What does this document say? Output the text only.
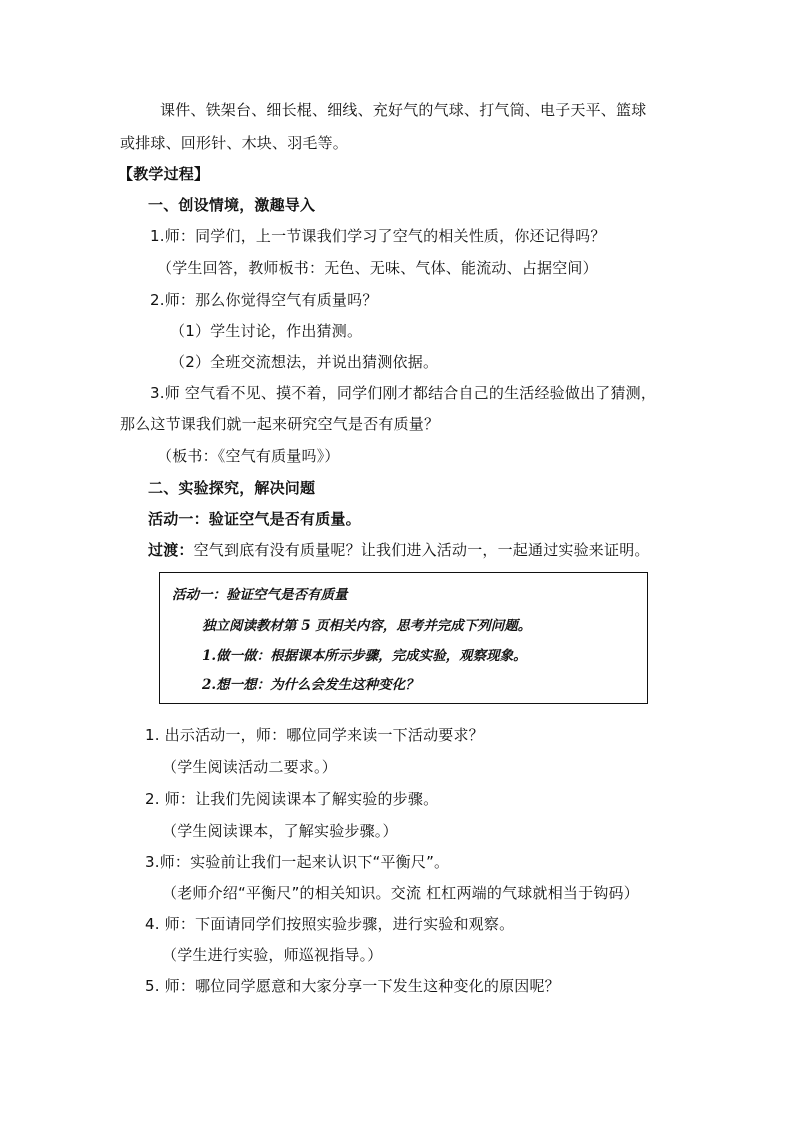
课件、铁架台、细长棍、细线、充好气的气球、打气筒、电子天平、篮球
或排球、回形针、木块、羽毛等。
【教学过程】
一、创设情境，激趣导入
1.师：同学们，上一节课我们学习了空气的相关性质，你还记得吗？
（学生回答，教师板书：无色、无味、气体、能流动、占据空间）
2.师：那么你觉得空气有质量吗？
（1）学生讨论，作出猜测。
（2）全班交流想法，并说出猜测依据。
3.师 空气看不见、摸不着，同学们刚才都结合自己的生活经验做出了猜测，
那么这节课我们就一起来研究空气是否有质量？
（板书：《空气有质量吗》）
二、实验探究，解决问题
活动一：验证空气是否有质量。
过渡：空气到底有没有质量呢？让我们进入活动一，一起通过实验来证明。
活动一：验证空气是否有质量
独立阅读教材第 5 页相关内容，思考并完成下列问题。
1.做一做：根据课本所示步骤，完成实验，观察现象。
2.想一想：为什么会发生这种变化？
1. 出示活动一，师：哪位同学来读一下活动要求？
（学生阅读活动二要求。）
2. 师：让我们先阅读课本了解实验的步骤。
（学生阅读课本，了解实验步骤。）
3.师：实验前让我们一起来认识下“平衡尺”。
（老师介绍“平衡尺”的相关知识。交流 杠杠两端的气球就相当于钩码）
4. 师：下面请同学们按照实验步骤，进行实验和观察。
（学生进行实验，师巡视指导。）
5. 师：哪位同学愿意和大家分享一下发生这种变化的原因呢？
